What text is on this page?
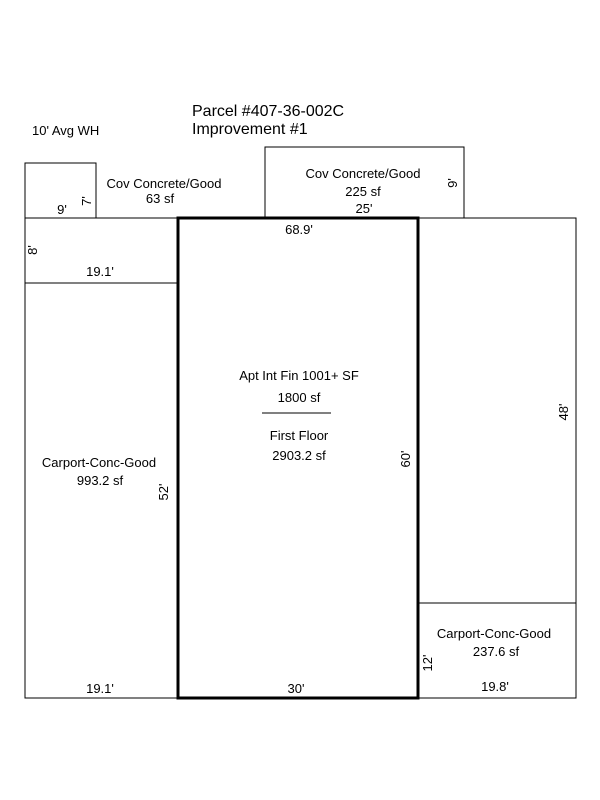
Parcel #407-36-002C
Improvement #1
10' Avg WH
Cov Concrete/Good
63 sf
9'
7'
Cov Concrete/Good
225 sf
25'
9'
68.9'
Apt Int Fin 1001+ SF
1800 sf
First Floor
2903.2 sf
52'
60'
30'
8'
19.1'
Carport-Conc-Good
993.2 sf
19.1'
48'
Carport-Conc-Good
237.6 sf
12'
19.8'
